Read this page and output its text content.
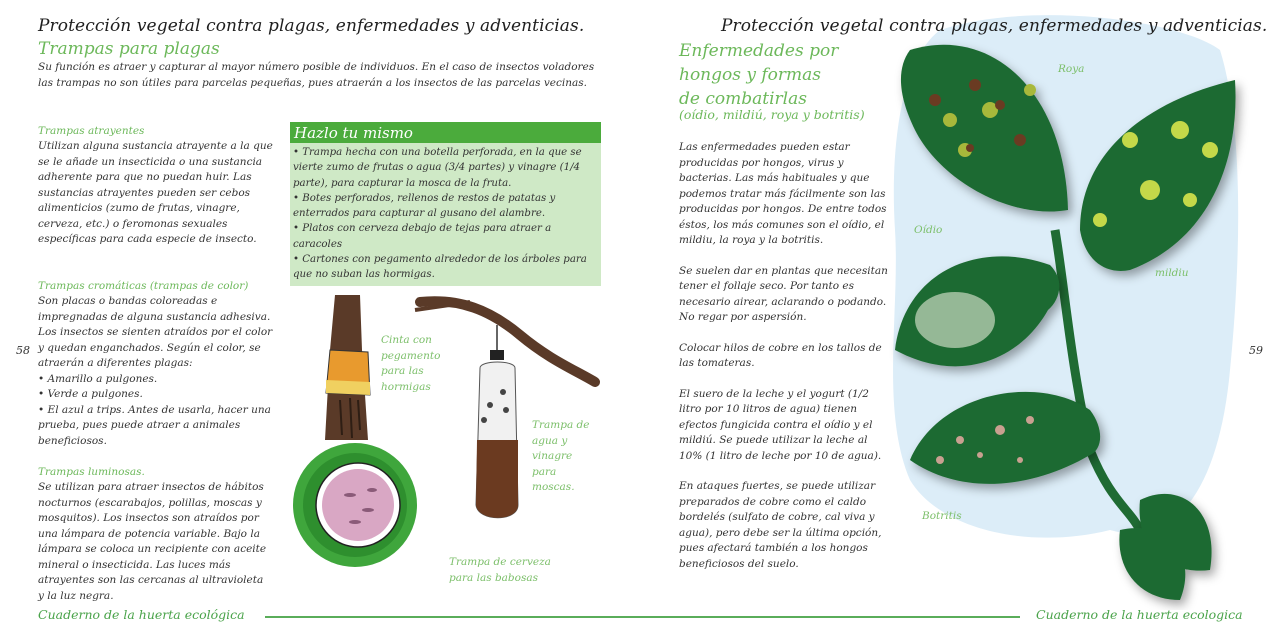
Protección vegetal contra plagas, enfermedades y adventicias.
Trampas para plagas
Su función es atraer y capturar al mayor número posible de individuos. En el caso de insectos voladores las trampas no son útiles para parcelas pequeñas, pues atraerán a los insectos de las parcelas vecinas.
Trampas atrayentes
Utilizan alguna sustancia atrayente a la que se le añade un insecticida o una sustancia adherente para que no puedan huir. Las sustancias atrayentes pueden ser cebos alimenticios (zumo de frutas, vinagre, cerveza, etc.) o feromonas sexuales específicas para cada especie de insecto.
Trampas cromáticas (trampas de color)
Son placas o bandas coloreadas e impregnadas de alguna sustancia adhesiva. Los insectos se sienten atraídos por el color y quedan enganchados. Según el color, se atraerán a diferentes plagas:
• Amarillo a pulgones.
• Verde a pulgones.
• El azul a trips. Antes de usarla, hacer una prueba, pues puede atraer a animales beneficiosos.
Trampas luminosas.
Se utilizan para atraer insectos de hábitos nocturnos (escarabajos, polillas, moscas y mosquitos). Los insectos son atraídos por una lámpara de potencia variable. Bajo la lámpara se coloca un recipiente con aceite mineral o insecticida. Las luces más atrayentes son las cercanas al ultravioleta y la luz negra.
58
Hazlo tu mismo
• Trampa hecha con una botella perforada, en la que se vierte zumo de frutas o agua (3/4 partes) y vinagre (1/4 parte), para capturar la mosca de la fruta.
• Botes perforados, rellenos de restos de patatas y enterrados para capturar al gusano del alambre.
• Platos con cerveza debajo de tejas para atraer a caracoles
• Cartones con pegamento alrededor de los árboles para que no suban las hormigas.
Cinta con pegamento para las hormigas
Trampa de agua y vinagre para moscas.
Trampa de cerveza para las babosas
Cuaderno de la huerta ecológica	Cuaderno de la huerta ecologica
Protección vegetal contra plagas, enfermedades y adventicias.
Enfermedades por
hongos y formas
de combatirlas
(oídio, mildiú, roya y botritis)
Las enfermedades pueden estar producidas por hongos, virus y bacterias. Las más habituales y que podemos tratar más fácilmente son las producidas por hongos. De entre todos éstos, los más comunes son el oídio, el mildiu, la roya y la botritis.
Se suelen dar en plantas que necesitan tener el follaje seco. Por tanto es necesario airear, aclarando o podando. No regar por aspersión.
Colocar hilos de cobre en los tallos de las tomateras.
El suero de la leche y el yogurt (1/2 litro por 10 litros de agua) tienen efectos fungicida contra el oídio y el mildiú. Se puede utilizar la leche al 10% (1 litro de leche por 10 de agua).
En ataques fuertes, se puede utilizar preparados de cobre como el caldo bordelés (sulfato de cobre, cal viva y agua), pero debe ser la última opción, pues afectará también a los hongos beneficiosos del suelo.
Roya
Oídio
mildiu
Botritis
59
